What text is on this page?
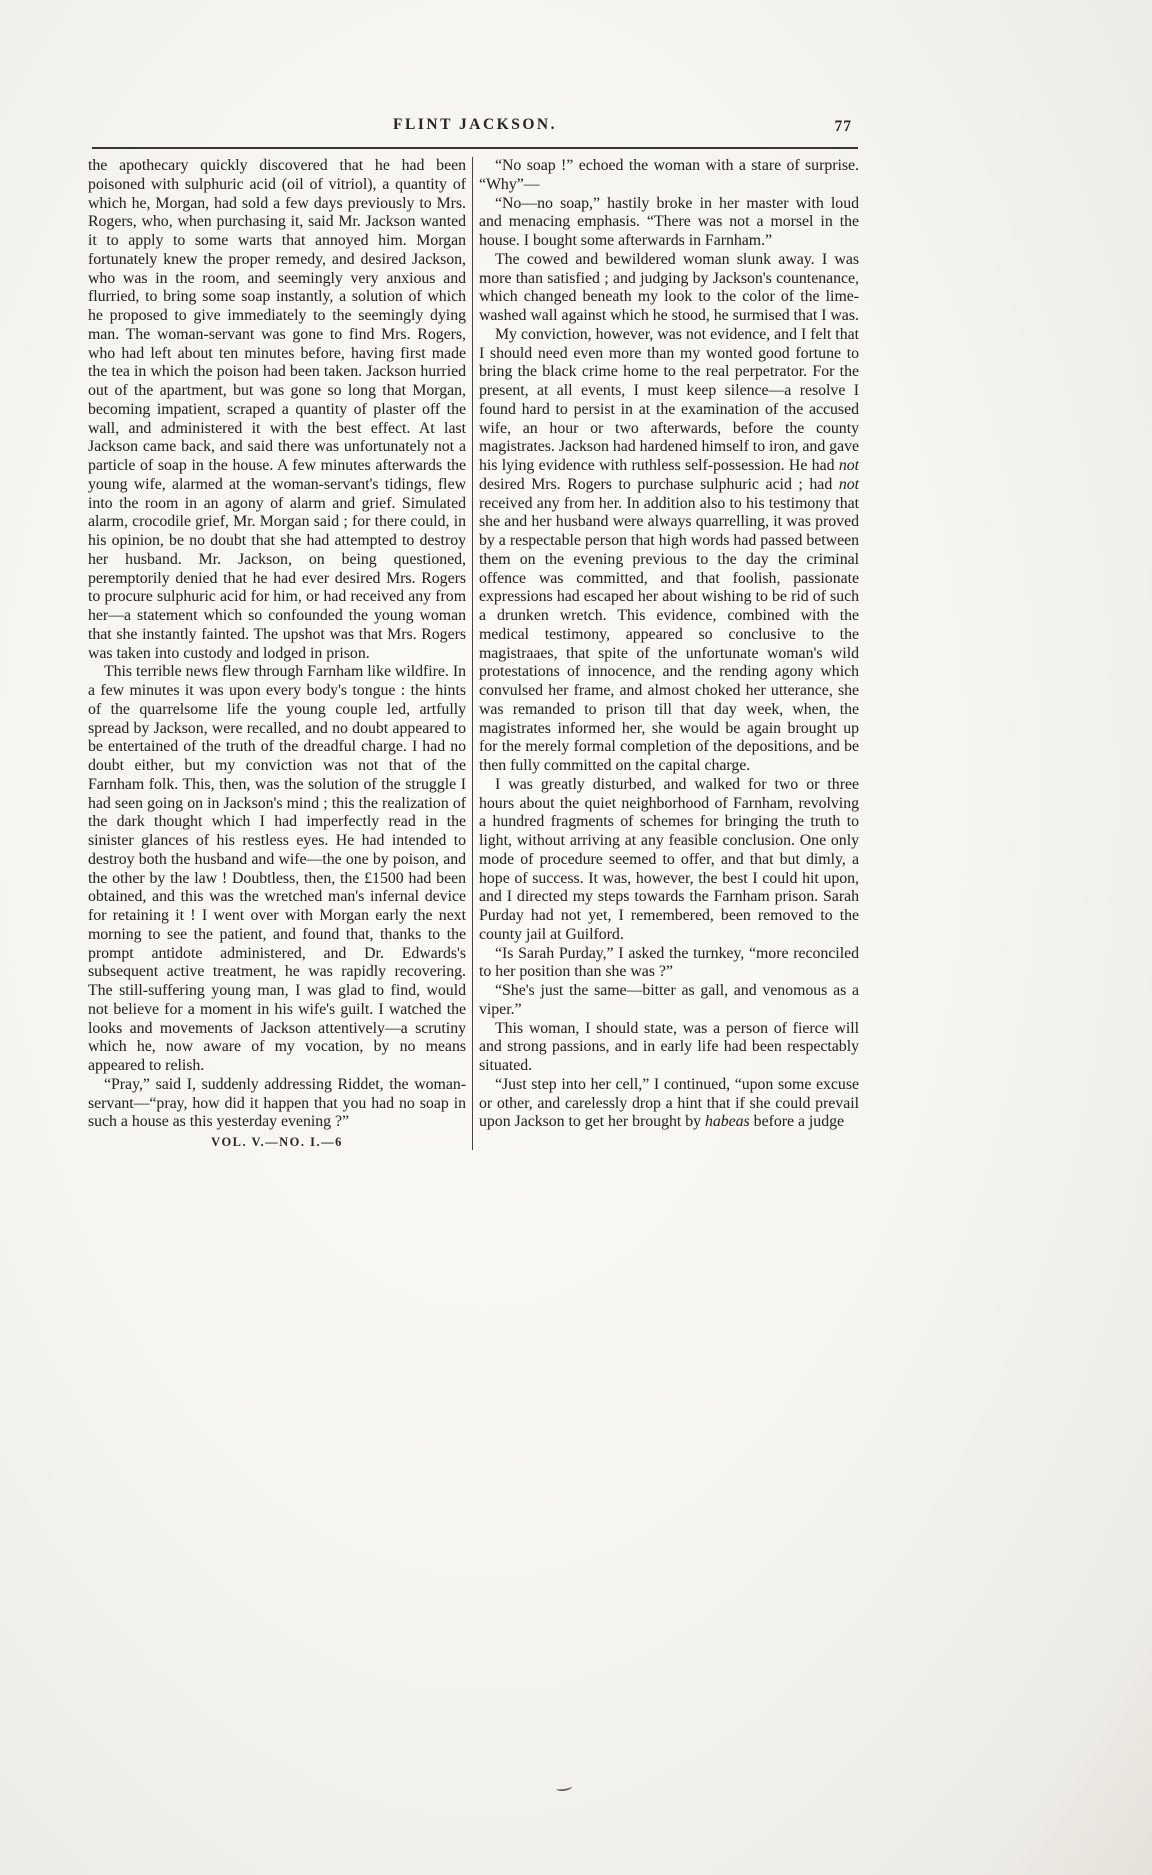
FLINT JACKSON.	77

the apothecary quickly discovered that he had been poisoned with sulphuric acid (oil of vitriol), a quantity of which he, Morgan, had sold a few days previously to Mrs. Rogers, who, when purchasing it, said Mr. Jackson wanted it to apply to some warts that annoyed him. Morgan fortunately knew the proper remedy, and desired Jackson, who was in the room, and seemingly very anxious and flurried, to bring some soap instantly, a solution of which he proposed to give immediately to the seemingly dying man. The woman-servant was gone to find Mrs. Rogers, who had left about ten minutes before, having first made the tea in which the poison had been taken. Jackson hurried out of the apartment, but was gone so long that Morgan, becoming impatient, scraped a quantity of plaster off the wall, and administered it with the best effect. At last Jackson came back, and said there was unfortunately not a particle of soap in the house. A few minutes afterwards the young wife, alarmed at the woman-servant's tidings, flew into the room in an agony of alarm and grief. Simulated alarm, crocodile grief, Mr. Morgan said ; for there could, in his opinion, be no doubt that she had attempted to destroy her husband. Mr. Jackson, on being questioned, peremptorily denied that he had ever desired Mrs. Rogers to procure sulphuric acid for him, or had received any from her—a statement which so confounded the young woman that she instantly fainted. The upshot was that Mrs. Rogers was taken into custody and lodged in prison.

This terrible news flew through Farnham like wildfire. In a few minutes it was upon every body's tongue : the hints of the quarrelsome life the young couple led, artfully spread by Jackson, were recalled, and no doubt appeared to be entertained of the truth of the dreadful charge. I had no doubt either, but my conviction was not that of the Farnham folk. This, then, was the solution of the struggle I had seen going on in Jackson's mind ; this the realization of the dark thought which I had imperfectly read in the sinister glances of his restless eyes. He had intended to destroy both the husband and wife—the one by poison, and the other by the law ! Doubtless, then, the £1500 had been obtained, and this was the wretched man's infernal device for retaining it ! I went over with Morgan early the next morning to see the patient, and found that, thanks to the prompt antidote administered, and Dr. Edwards's subsequent active treatment, he was rapidly recovering. The still-suffering young man, I was glad to find, would not believe for a moment in his wife's guilt. I watched the looks and movements of Jackson attentively—a scrutiny which he, now aware of my vocation, by no means appeared to relish.

“Pray,” said I, suddenly addressing Riddet, the woman-servant—“pray, how did it happen that you had no soap in such a house as this yesterday evening ?”

VOL. V.—NO. I.—6

“No soap !” echoed the woman with a stare of surprise. “Why”—

“No—no soap,” hastily broke in her master with loud and menacing emphasis. “There was not a morsel in the house. I bought some afterwards in Farnham.”

The cowed and bewildered woman slunk away. I was more than satisfied ; and judging by Jackson's countenance, which changed beneath my look to the color of the lime-washed wall against which he stood, he surmised that I was.

My conviction, however, was not evidence, and I felt that I should need even more than my wonted good fortune to bring the black crime home to the real perpetrator. For the present, at all events, I must keep silence—a resolve I found hard to persist in at the examination of the accused wife, an hour or two afterwards, before the county magistrates. Jackson had hardened himself to iron, and gave his lying evidence with ruthless self-possession. He had not desired Mrs. Rogers to purchase sulphuric acid ; had not received any from her. In addition also to his testimony that she and her husband were always quarrelling, it was proved by a respectable person that high words had passed between them on the evening previous to the day the criminal offence was committed, and that foolish, passionate expressions had escaped her about wishing to be rid of such a drunken wretch. This evidence, combined with the medical testimony, appeared so conclusive to the magistraaes, that spite of the unfortunate woman's wild protestations of innocence, and the rending agony which convulsed her frame, and almost choked her utterance, she was remanded to prison till that day week, when, the magistrates informed her, she would be again brought up for the merely formal completion of the depositions, and be then fully committed on the capital charge.

I was greatly disturbed, and walked for two or three hours about the quiet neighborhood of Farnham, revolving a hundred fragments of schemes for bringing the truth to light, without arriving at any feasible conclusion. One only mode of procedure seemed to offer, and that but dimly, a hope of success. It was, however, the best I could hit upon, and I directed my steps towards the Farnham prison. Sarah Purday had not yet, I remembered, been removed to the county jail at Guilford.

“Is Sarah Purday,” I asked the turnkey, “more reconciled to her position than she was ?”

“She's just the same—bitter as gall, and venomous as a viper.”

This woman, I should state, was a person of fierce will and strong passions, and in early life had been respectably situated.

“Just step into her cell,” I continued, “upon some excuse or other, and carelessly drop a hint that if she could prevail upon Jackson to get her brought by habeas before a judge
